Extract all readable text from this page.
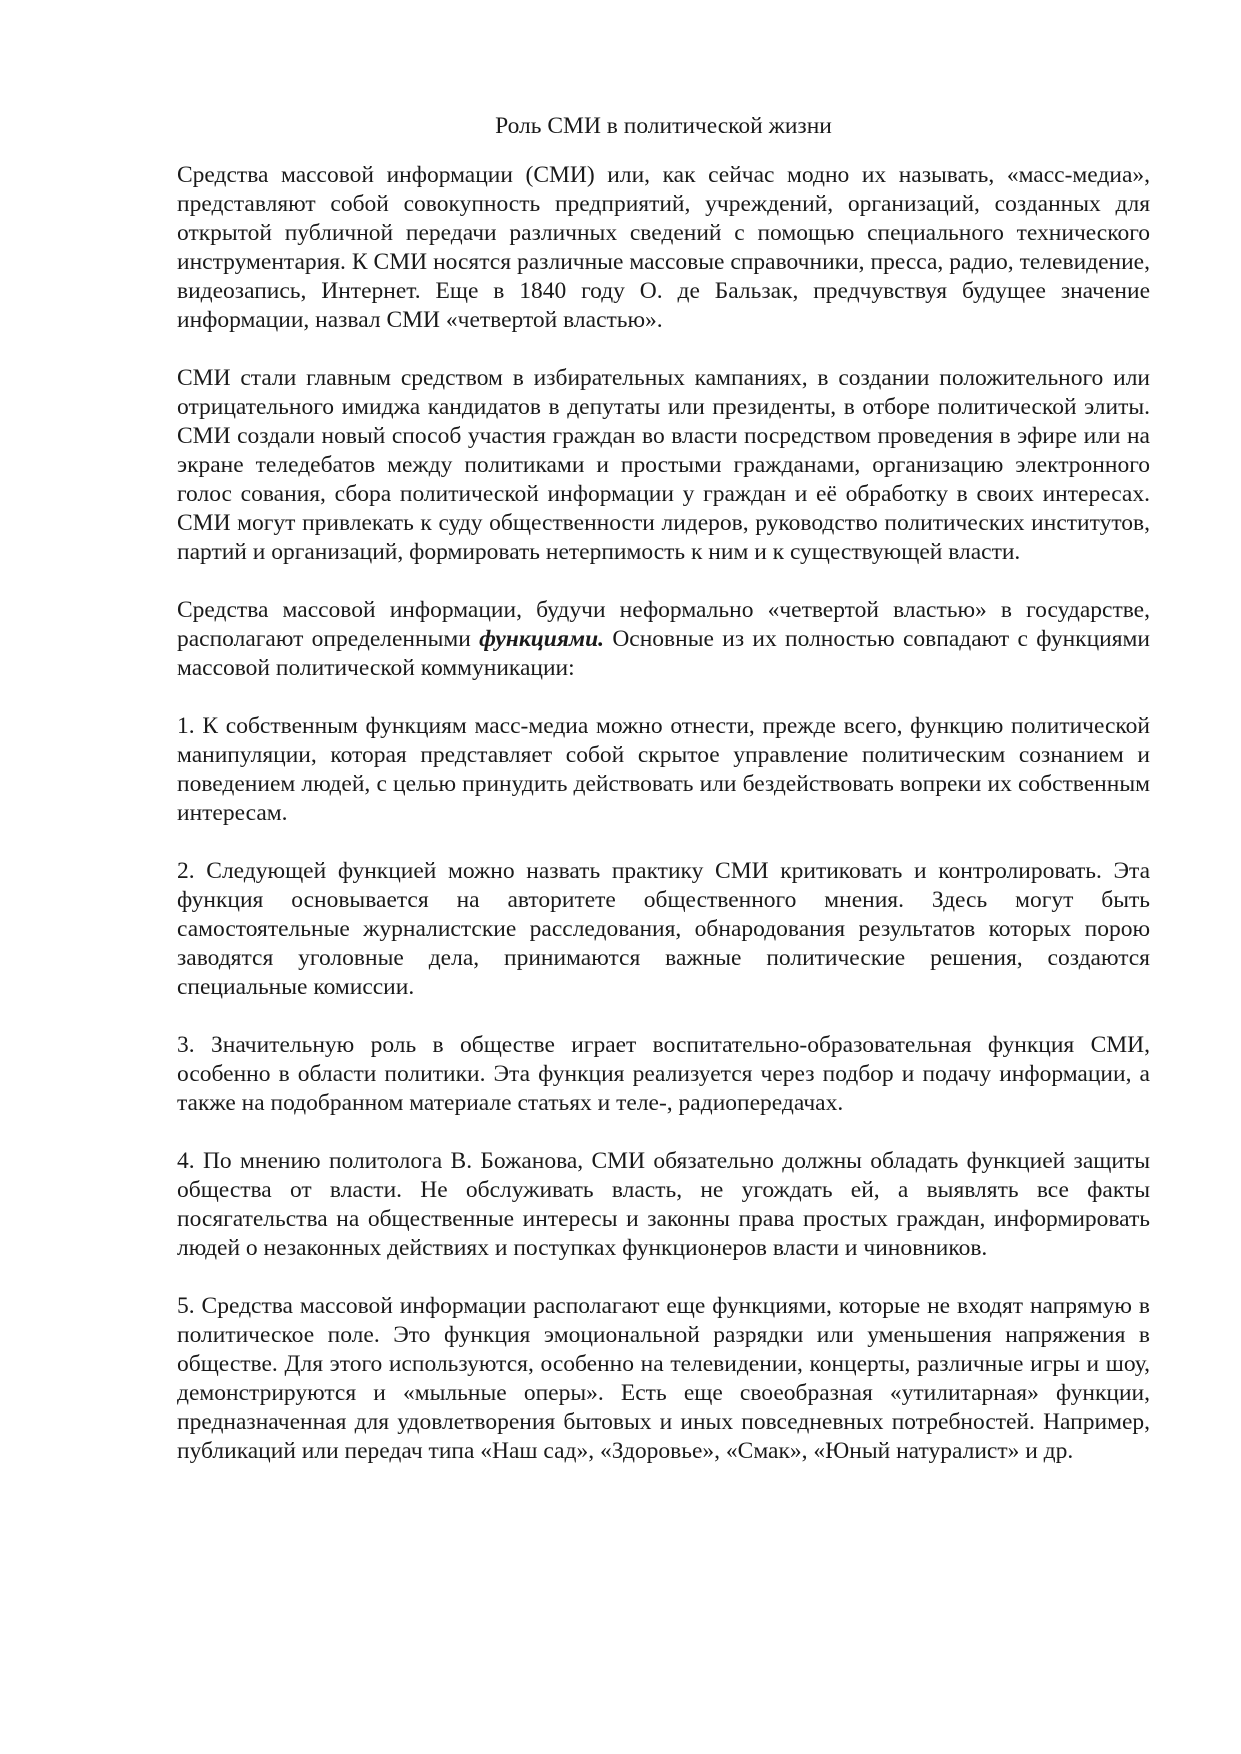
Роль СМИ в политической жизни

Средства массовой информации (СМИ) или, как сейчас модно их называть, «масс-медиа», представляют собой совокупность предприятий, учреждений, организаций, созданных для открытой публичной передачи различных сведений с помощью специального технического инструментария. К СМИ носятся различные массовые справочники, пресса, радио, телевидение, видеозапись, Интернет. Еще в 1840 году О. де Бальзак, предчувствуя будущее значение информации, назвал СМИ «четвертой властью».

СМИ стали главным средством в избирательных кампаниях, в создании положительного или отрицательного имиджа кандидатов в депутаты или президенты, в отборе политической элиты. СМИ создали новый способ участия граждан во власти посредством проведения в эфире или на экране теледебатов между политиками и простыми гражданами, организацию электронного голос сования, сбора политической информации у граждан и её обработку в своих интересах. СМИ могут привлекать к суду общественности лидеров, руководство политических институтов, партий и организаций, формировать нетерпимость к ним и к существующей власти.

Средства массовой информации, будучи неформально «четвертой властью» в государстве, располагают определенными функциями. Основные из их полностью совпадают с функциями массовой политической коммуникации:

1. К собственным функциям масс-медиа можно отнести, прежде всего, функцию политической манипуляции, которая представляет собой скрытое управление политическим сознанием и поведением людей, с целью принудить действовать или бездействовать вопреки их собственным интересам.

2. Следующей функцией можно назвать практику СМИ критиковать и контролировать. Эта функция основывается на авторитете общественного мнения. Здесь могут быть самостоятельные журналистские расследования, обнародования результатов которых порою заводятся уголовные дела, принимаются важные политические решения, создаются специальные комиссии.

3. Значительную роль в обществе играет воспитательно-образовательная функция СМИ, особенно в области политики. Эта функция реализуется через подбор и подачу информации, а также на подобранном материале статьях и теле-, радиопередачах.

4. По мнению политолога В. Божанова, СМИ обязательно должны обладать функцией защиты общества от власти. Не обслуживать власть, не угождать ей, а выявлять все факты посягательства на общественные интересы и законны права простых граждан, информировать людей о незаконных действиях и поступках функционеров власти и чиновников.

5. Средства массовой информации располагают еще функциями, которые не входят напрямую в политическое поле. Это функция эмоциональной разрядки или уменьшения напряжения в обществе. Для этого используются, особенно на телевидении, концерты, различные игры и шоу, демонстрируются и «мыльные оперы». Есть еще своеобразная «утилитарная» функции, предназначенная для удовлетворения бытовых и иных повседневных потребностей. Например, публикаций или передач типа «Наш сад», «Здоровье», «Смак», «Юный натуралист» и др.
